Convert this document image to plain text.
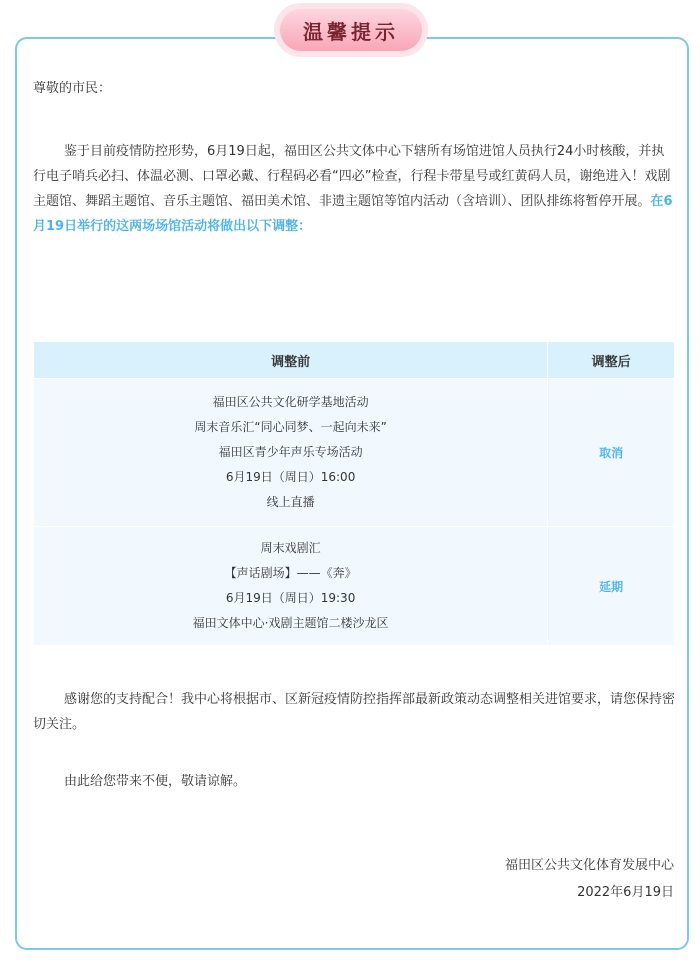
温馨提示
尊敬的市民：
鉴于目前疫情防控形势，6月19日起，福田区公共文体中心下辖所有场馆进馆人员执行24小时核酸，并执行电子哨兵必扫、体温必测、口罩必戴、行程码必看“四必”检查，行程卡带星号或红黄码人员，谢绝进入！戏剧主题馆、舞蹈主题馆、音乐主题馆、福田美术馆、非遗主题馆等馆内活动（含培训）、团队排练将暂停开展。在6月19日举行的这两场场馆活动将做出以下调整：
调整前	调整后

福田区公共文化研学基地活动
周末音乐汇“同心同梦、一起向未来”
福田区青少年声乐专场活动
6月19日（周日）16:00
线上直播	取消

周末戏剧汇
【声话剧场】——《奔》
6月19日（周日）19:30
福田文体中心·戏剧主题馆二楼沙龙区	延期
感谢您的支持配合！我中心将根据市、区新冠疫情防控指挥部最新政策动态调整相关进馆要求，请您保持密切关注。
由此给您带来不便，敬请谅解。
福田区公共文化体育发展中心
2022年6月19日
